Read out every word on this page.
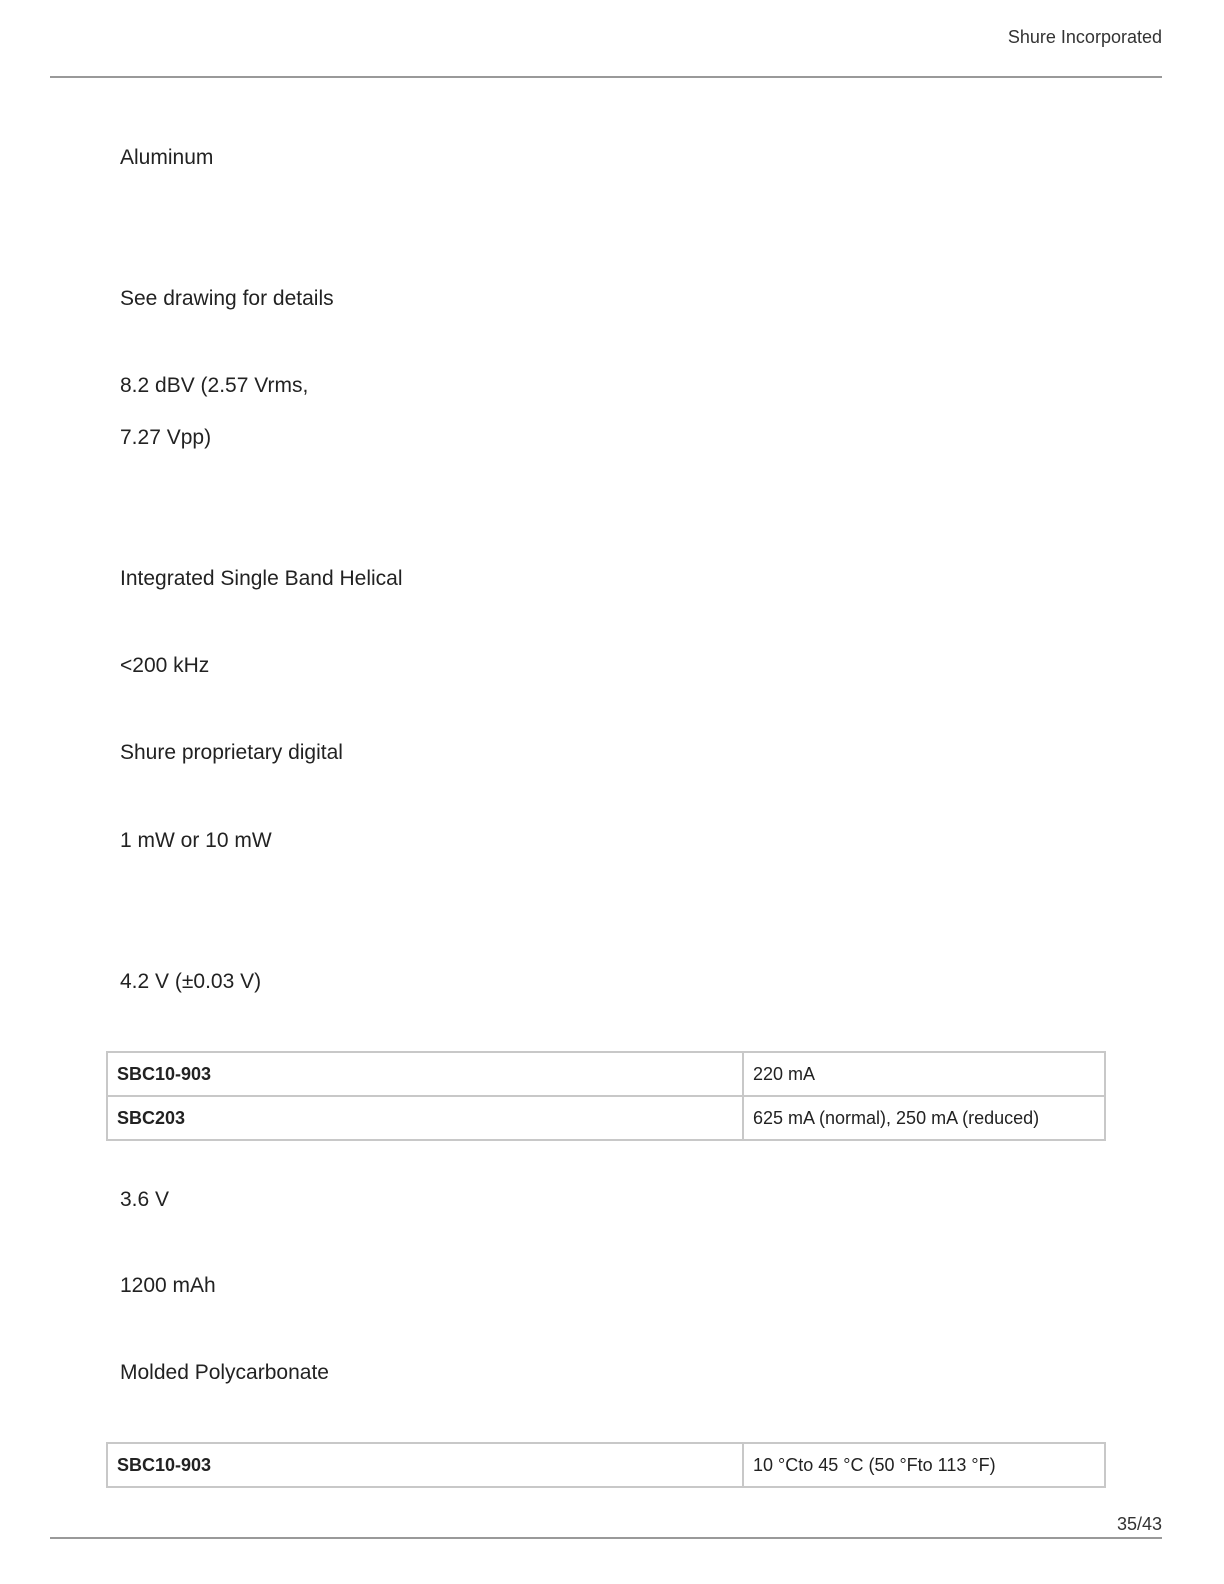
Shure Incorporated
Aluminum
See drawing for details
8.2 dBV (2.57 Vrms,
7.27 Vpp)
Integrated Single Band Helical
<200 kHz
Shure proprietary digital
1 mW or 10 mW
4.2 V (±0.03 V)
SBC10-903	220 mA
SBC203	625 mA (normal), 250 mA (reduced)
3.6 V
1200 mAh
Molded Polycarbonate
SBC10-903	10 °Cto 45 °C (50 °Fto 113 °F)
35/43
